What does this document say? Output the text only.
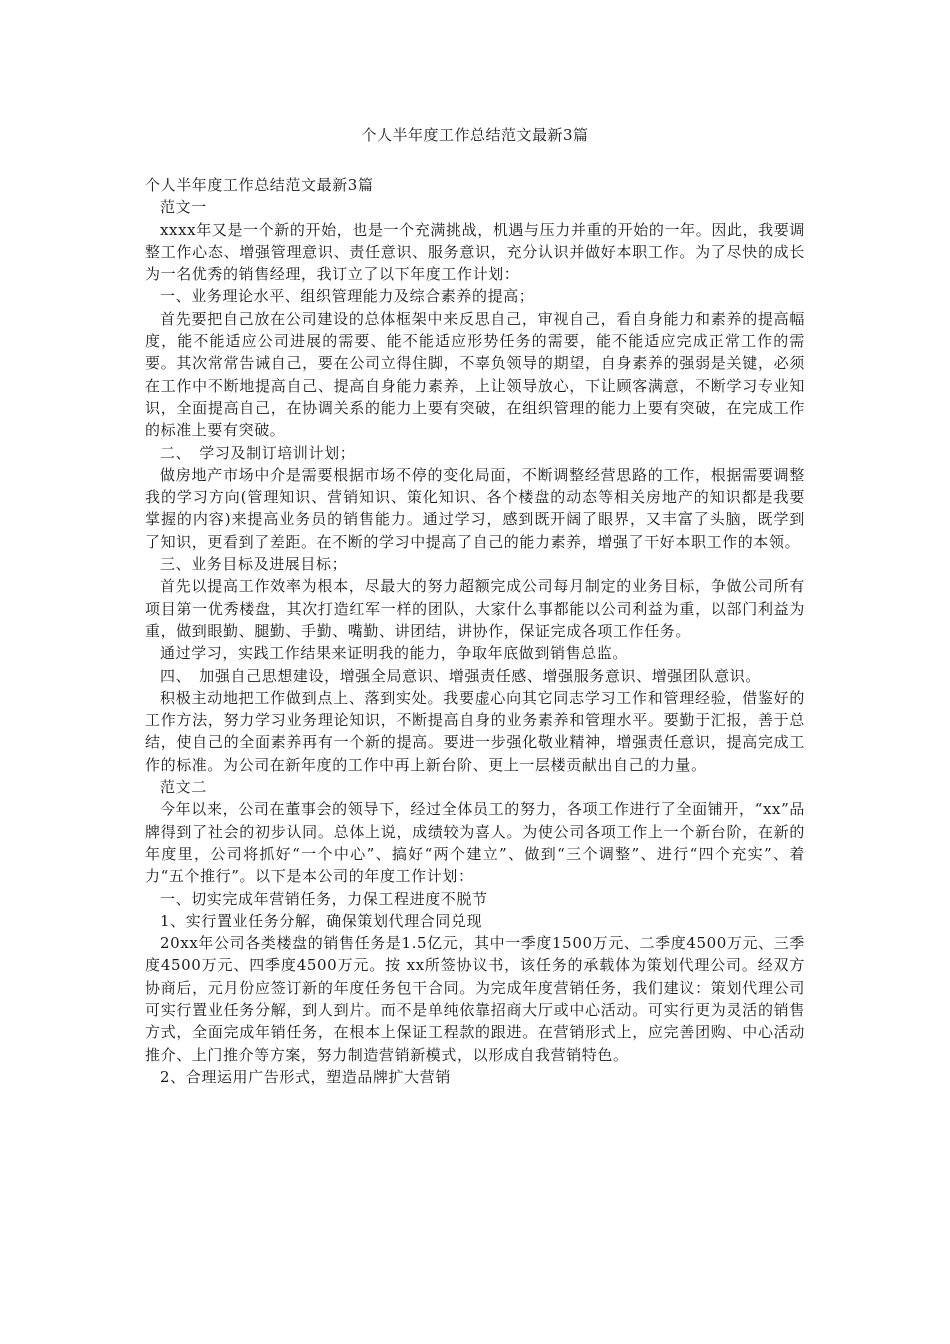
个人半年度工作总结范文最新3篇

个人半年度工作总结范文最新3篇

范文一

xxxx年又是一个新的开始，也是一个充满挑战，机遇与压力并重的开始的一年。因此，我要调整工作心态、增强管理意识、责任意识、服务意识，充分认识并做好本职工作。为了尽快的成长为一名优秀的销售经理，我订立了以下年度工作计划：

一、业务理论水平、组织管理能力及综合素养的提高；

首先要把自己放在公司建设的总体框架中来反思自己，审视自己，看自身能力和素养的提高幅度，能不能适应公司进展的需要、能不能适应形势任务的需要，能不能适应完成正常工作的需要。其次常常告诫自己，要在公司立得住脚，不辜负领导的期望，自身素养的强弱是关键，必须在工作中不断地提高自己、提高自身能力素养，上让领导放心，下让顾客满意，不断学习专业知识，全面提高自己，在协调关系的能力上要有突破，在组织管理的能力上要有突破，在完成工作的标准上要有突破。

二、　学习及制订培训计划；

做房地产市场中介是需要根据市场不停的变化局面，不断调整经营思路的工作，根据需要调整我的学习方向(管理知识、营销知识、策化知识、各个楼盘的动态等相关房地产的知识都是我要掌握的内容)来提高业务员的销售能力。通过学习，感到既开阔了眼界，又丰富了头脑，既学到了知识，更看到了差距。在不断的学习中提高了自己的能力素养，增强了干好本职工作的本领。

三、业务目标及进展目标；

首先以提高工作效率为根本，尽最大的努力超额完成公司每月制定的业务目标，争做公司所有项目第一优秀楼盘，其次打造红军一样的团队，大家什么事都能以公司利益为重，以部门利益为重，做到眼勤、腿勤、手勤、嘴勤、讲团结，讲协作，保证完成各项工作任务。

通过学习，实践工作结果来证明我的能力，争取年底做到销售总监。

四、　加强自己思想建设，增强全局意识、增强责任感、增强服务意识、增强团队意识。

积极主动地把工作做到点上、落到实处。我要虚心向其它同志学习工作和管理经验，借鉴好的工作方法，努力学习业务理论知识，不断提高自身的业务素养和管理水平。要勤于汇报，善于总结，使自己的全面素养再有一个新的提高。要进一步强化敬业精神，增强责任意识，提高完成工作的标准。为公司在新年度的工作中再上新台阶、更上一层楼贡献出自己的力量。

范文二

今年以来，公司在董事会的领导下，经过全体员工的努力，各项工作进行了全面铺开，“xx”品牌得到了社会的初步认同。总体上说，成绩较为喜人。为使公司各项工作上一个新台阶，在新的年度里，公司将抓好“一个中心”、搞好“两个建立”、做到“三个调整”、进行“四个充实”、着力“五个推行”。以下是本公司的年度工作计划：

一、切实完成年营销任务，力保工程进度不脱节

1、实行置业任务分解，确保策划代理合同兑现

20xx年公司各类楼盘的销售任务是1.5亿元，其中一季度1500万元、二季度4500万元、三季度4500万元、四季度4500万元。按 xx所签协议书，该任务的承载体为策划代理公司。经双方协商后，元月份应签订新的年度任务包干合同。为完成年度营销任务，我们建议：策划代理公司可实行置业任务分解，到人到片。而不是单纯依靠招商大厅或中心活动。可实行更为灵活的销售方式，全面完成年销任务，在根本上保证工程款的跟进。在营销形式上，应完善团购、中心活动推介、上门推介等方案，努力制造营销新模式，以形成自我营销特色。

2、合理运用广告形式，塑造品牌扩大营销
